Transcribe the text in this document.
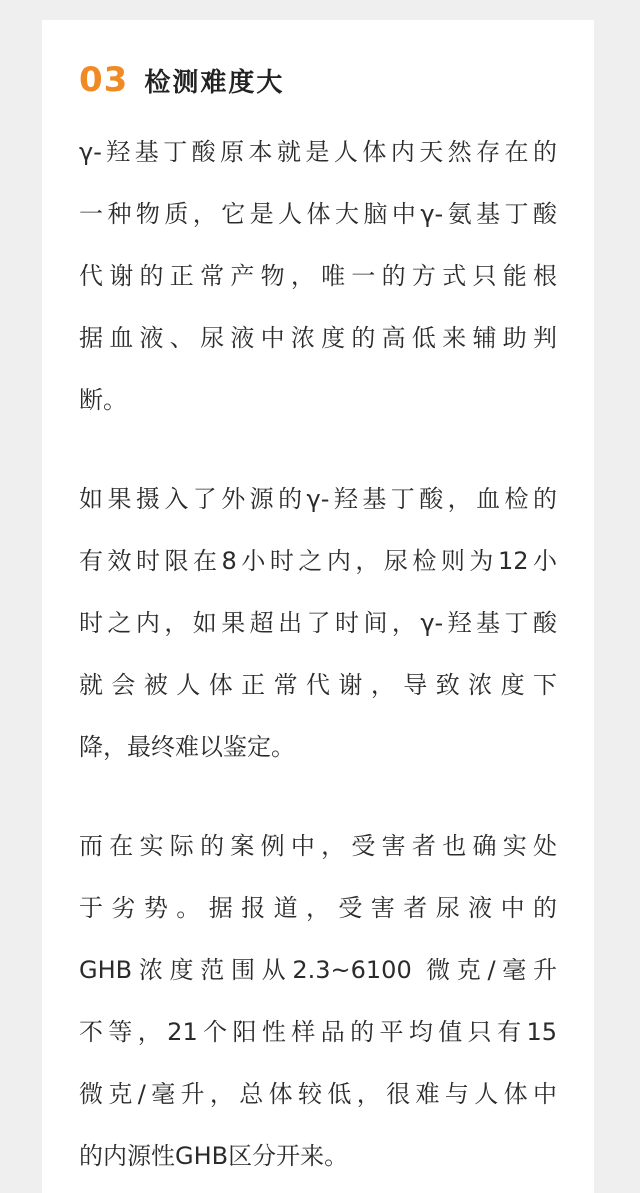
03 检测难度大

γ-羟基丁酸原本就是人体内天然存在的
一种物质，它是人体大脑中γ-氨基丁酸
代谢的正常产物，唯一的方式只能根
据血液、尿液中浓度的高低来辅助判
断。

如果摄入了外源的γ-羟基丁酸，血检的
有效时限在8小时之内，尿检则为12小
时之内，如果超出了时间，γ-羟基丁酸
就会被人体正常代谢，导致浓度下
降，最终难以鉴定。

而在实际的案例中，受害者也确实处
于劣势。据报道，受害者尿液中的
GHB浓度范围从2.3~6100 微克/毫升
不等，21个阳性样品的平均值只有15
微克/毫升，总体较低，很难与人体中
的内源性GHB区分开来。
